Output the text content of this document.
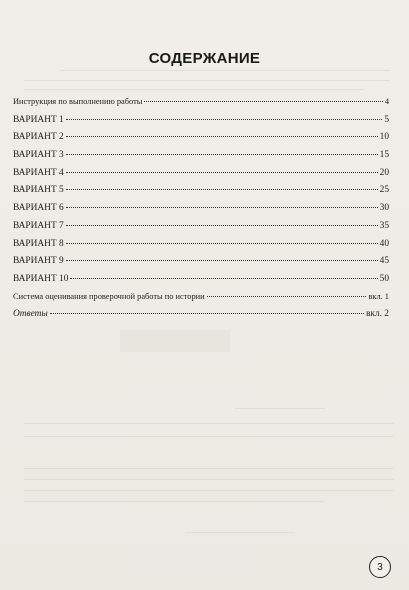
СОДЕРЖАНИЕ
Инструкция по выполнению работы	4
ВАРИАНТ 1	5
ВАРИАНТ 2	10
ВАРИАНТ 3	15
ВАРИАНТ 4	20
ВАРИАНТ 5	25
ВАРИАНТ 6	30
ВАРИАНТ 7	35
ВАРИАНТ 8	40
ВАРИАНТ 9	45
ВАРИАНТ 10	50
Система оценивания проверочной работы по истории	вкл. 1
Ответы	вкл. 2
3
